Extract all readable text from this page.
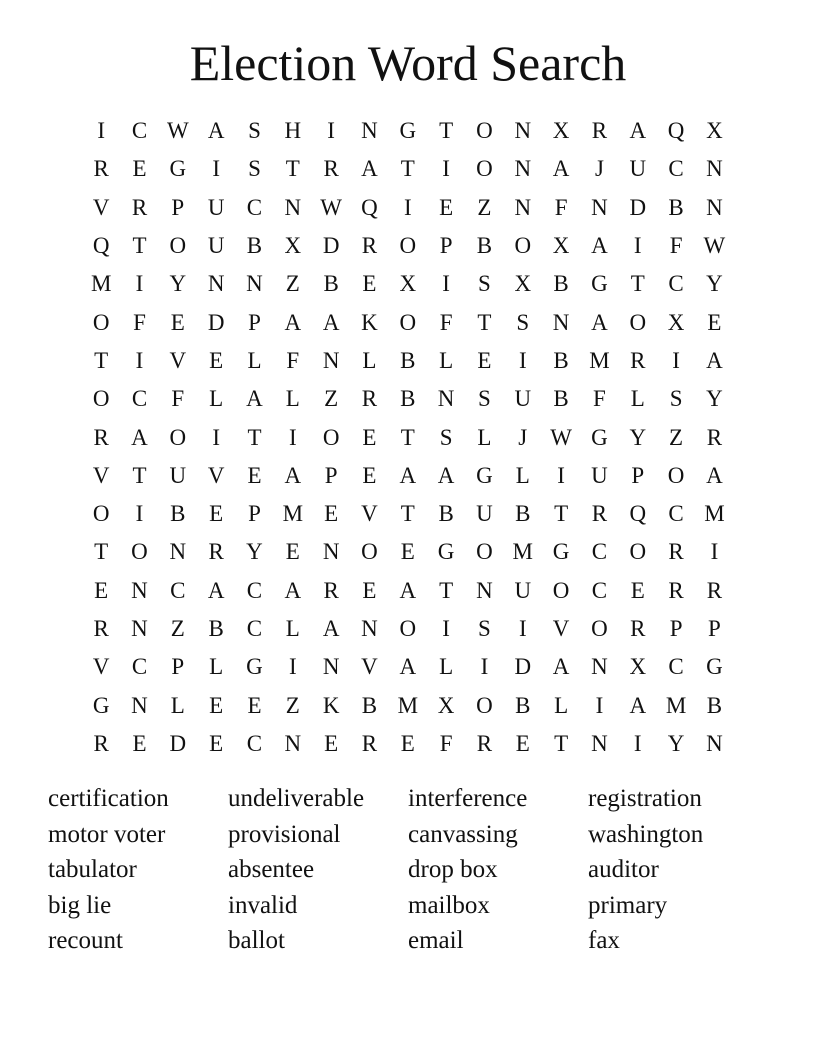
Election Word Search
I	C W A	S	H	I	N G T O N X R A Q X
R	E G	I	S	T	R A T	I	O N A	J	U C N
V R	P	U C N W Q	I	E	Z N	F	N D B N
Q T O U B X D R O	P	B O X A	I	F W
M	I	Y N N Z	B	E X	I	S	X B G T	C Y
O	F	E D	P	A A K O	F	T	S	N A O X E
T	I	V E	L	F	N L	B	L	E	I	B M R	I	A
O C	F	L A L	Z	R B N	S	U B	F	L	S	Y
R A O	I	T	I	O E	T	S	L	J W G Y Z	R
V T U V E A	P	E A A G L	I	U	P	O A
O	I	B	E	P M E V T	B U B	T	R Q C M
T O N R Y E N O E G O M G C O R	I
E N C A C A R	E A T N U O C	E	R R
R N Z	B C	L A N O	I	S	I	V O R	P	P
V C	P	L G	I	N V A L	I	D A N X C G
G N L	E	E	Z K B M X O B	L	I	A M B
R	E D E	C N E	R	E	F	R	E	T N	I	Y N
certification	undeliverable	interference	registration
motor voter	provisional	canvassing	washington
tabulator	absentee	drop box	auditor
big lie	invalid	mailbox	primary
recount	ballot	email	fax
